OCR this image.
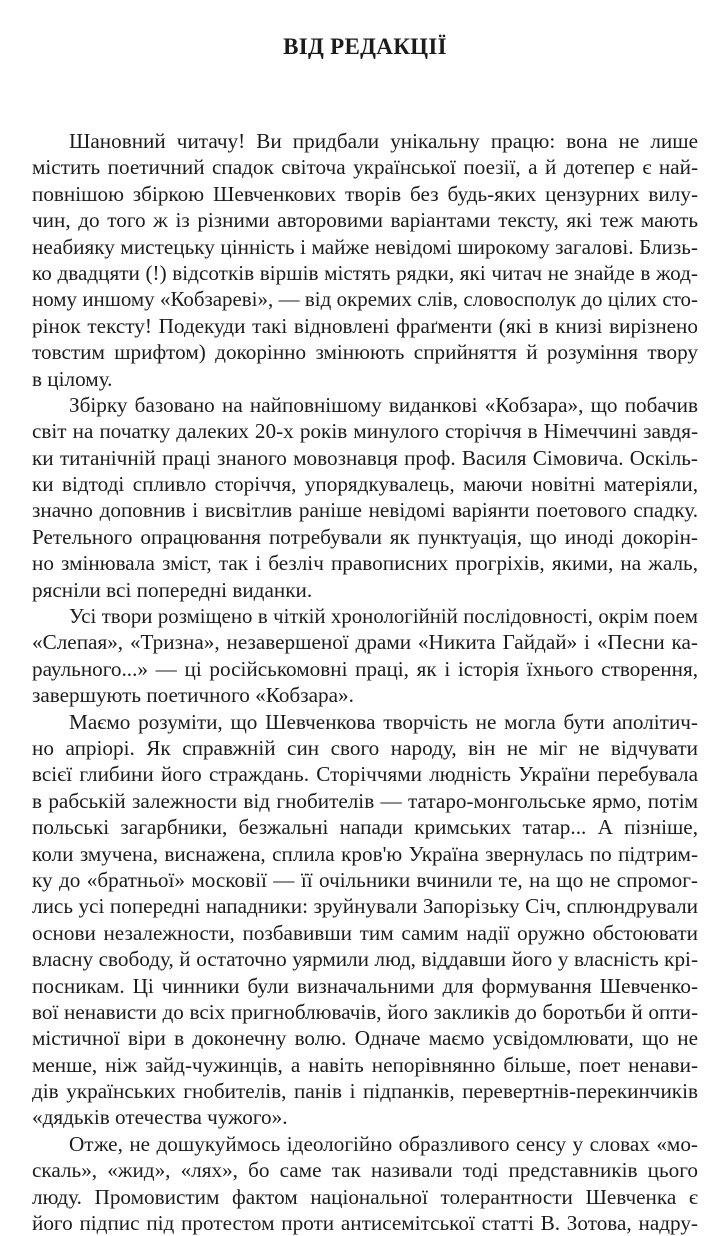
ВІД РЕДАКЦІЇ
Шановний читачу! Ви придбали унікальну працю: вона не лише
містить поетичний спадок світоча української поезії, а й дотепер є най-
повнішою збіркою Шевченкових творів без будь-яких цензурних вилу-
чин, до того ж із різними авторовими варіантами тексту, які теж мають
неабияку мистецьку цінність і майже невідомі широкому загалові. Близь-
ко двадцяти (!) відсотків віршів містять рядки, які читач не знайде в жод-
ному иншому «Кобзареві», — від окремих слів, словосполук до цілих сто-
рінок тексту! Подекуди такі відновлені фраґменти (які в книзі вирізнено
товстим шрифтом) докорінно змінюють сприйняття й розуміння твору
в цілому.
Збірку базовано на найповнішому виданкові «Кобзара», що побачив
світ на початку далеких 20-х років минулого сторіччя в Німеччині завдя-
ки титанічній праці знаного мовознавця проф. Василя Сімовича. Оскіль-
ки відтоді спливло сторіччя, упорядкувалець, маючи новітні матеріяли,
значно доповнив і висвітлив раніше невідомі варіянти поетового спадку.
Ретельного опрацювання потребували як пунктуація, що иноді докорін-
но змінювала зміст, так і безліч правописних прогріхів, якими, на жаль,
рясніли всі попередні виданки.
Усі твори розміщено в чіткій хронологійній послідовності, окрім поем
«Слепая», «Тризна», незавершеної драми «Никита Гайдай» і «Песни ка-
раульного...» — ці російськомовні праці, як і історія їхнього створення,
завершують поетичного «Кобзара».
Маємо розуміти, що Шевченкова творчість не могла бути аполітич-
но апріорі. Як справжній син свого народу, він не міг не відчувати
всієї глибини його страждань. Сторіччями людність України перебувала
в рабській залежности від гнобителів — татаро-монгольське ярмо, потім
польські загарбники, безжальні напади кримських татар... А пізніше,
коли змучена, виснажена, сплила кров'ю Україна звернулась по підтрим-
ку до «братньої» московії — її очільники вчинили те, на що не спромог-
лись усі попередні нападники: зруйнували Запорізьку Січ, сплюндрували
основи незалежности, позбавивши тим самим надії оружно обстоювати
власну свободу, й остаточно уярмили люд, віддавши його у власність крі-
посникам. Ці чинники були визначальними для формування Шевченко-
вої ненависти до всіх пригноблювачів, його закликів до боротьби й опти-
містичної віри в доконечну волю. Одначе маємо усвідомлювати, що не
менше, ніж зайд-чужинців, а навіть непорівнянно більше, поет ненави-
дів українських гнобителів, панів і підпанків, перевертнів-перекинчиків
«дядьків отечества чужого».
Отже, не дошукуймось ідеологійно образливого сенсу у словах «мо-
скаль», «жид», «лях», бо саме так називали тоді представників цього
люду. Промовистим фактом національної толерантности Шевченка є
його підпис під протестом проти антисемітської статті В. Зотова, надру-
